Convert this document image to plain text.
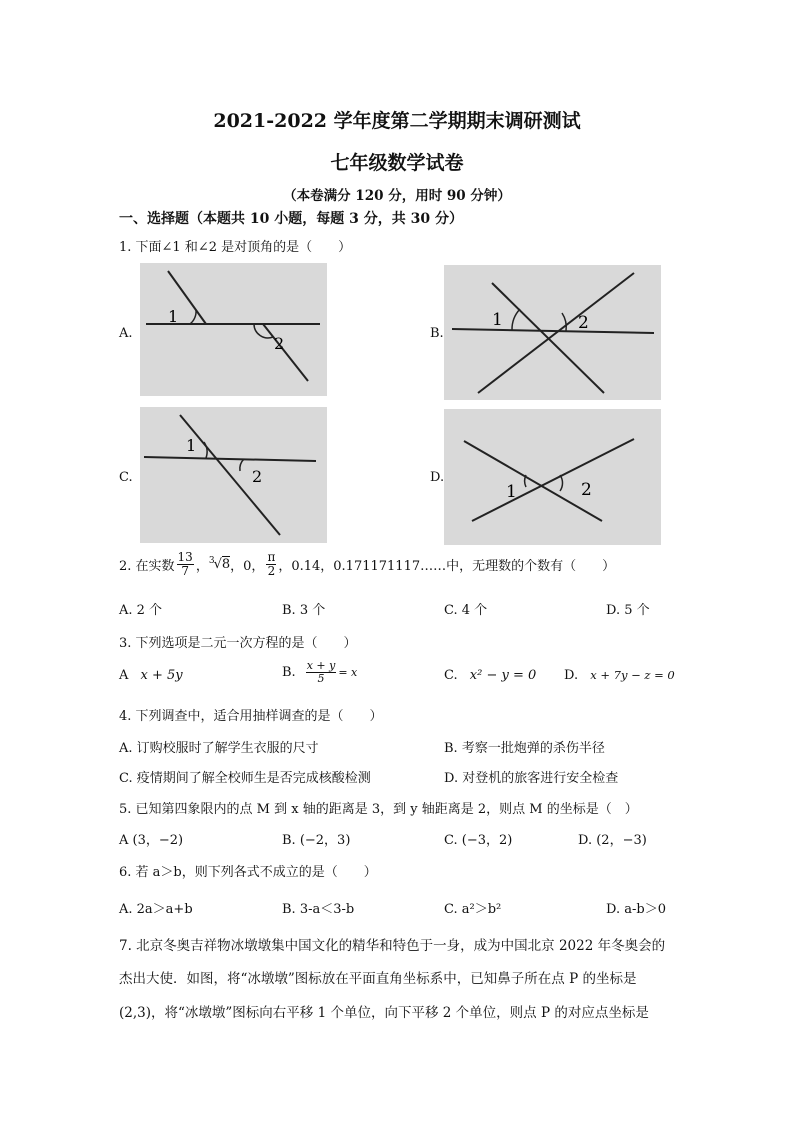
2021-2022 学年度第二学期期末调研测试
七年级数学试卷
（本卷满分 120 分，用时 90 分钟）
一、选择题（本题共 10 小题，每题 3 分，共 30 分）
1. 下面∠1 和∠2 是对顶角的是（　　）
A.
1
2
B.
1	2
C.
1
2	D.
1	2
2. 在实数 $\frac{13}{7}$ ， $^3$√8 ，0， $\frac{\pi}{2}$ ，0.14，0.171171117……中，无理数的个数有（　　）
A. 2 个	B. 3 个	C. 4 个	D. 5 个
3. 下列选项是二元一次方程的是（　　）
A x + 5y	B. $\frac{x + y}{5} = x$	C. x² − y = 0 D. x + 7y − z = 0
4. 下列调查中，适合用抽样调查的是（　　）
A. 订购校服时了解学生衣服的尺寸	B. 考察一批炮弹的杀伤半径
C. 疫情期间了解全校师生是否完成核酸检测	D. 对登机的旅客进行安全检查
5. 已知第四象限内的点 M 到 x 轴的距离是 3，到 y 轴距离是 2，则点 M 的坐标是（　）
A (3，−2)	B. (−2，3)	C. (−3，2)	D. (2，−3)
6. 若 a＞b，则下列各式不成立的是（　　）
A. 2a＞a+b	B. 3-a＜3-b	C. a²＞b²	D. a-b＞0
7. 北京冬奥吉祥物冰墩墩集中国文化的精华和特色于一身，成为中国北京 2022 年冬奥会的
杰出大使．如图，将“冰墩墩”图标放在平面直角坐标系中，已知鼻子所在点 P 的坐标是
(2,3)，将“冰墩墩”图标向右平移 1 个单位，向下平移 2 个单位，则点 P 的对应点坐标是
